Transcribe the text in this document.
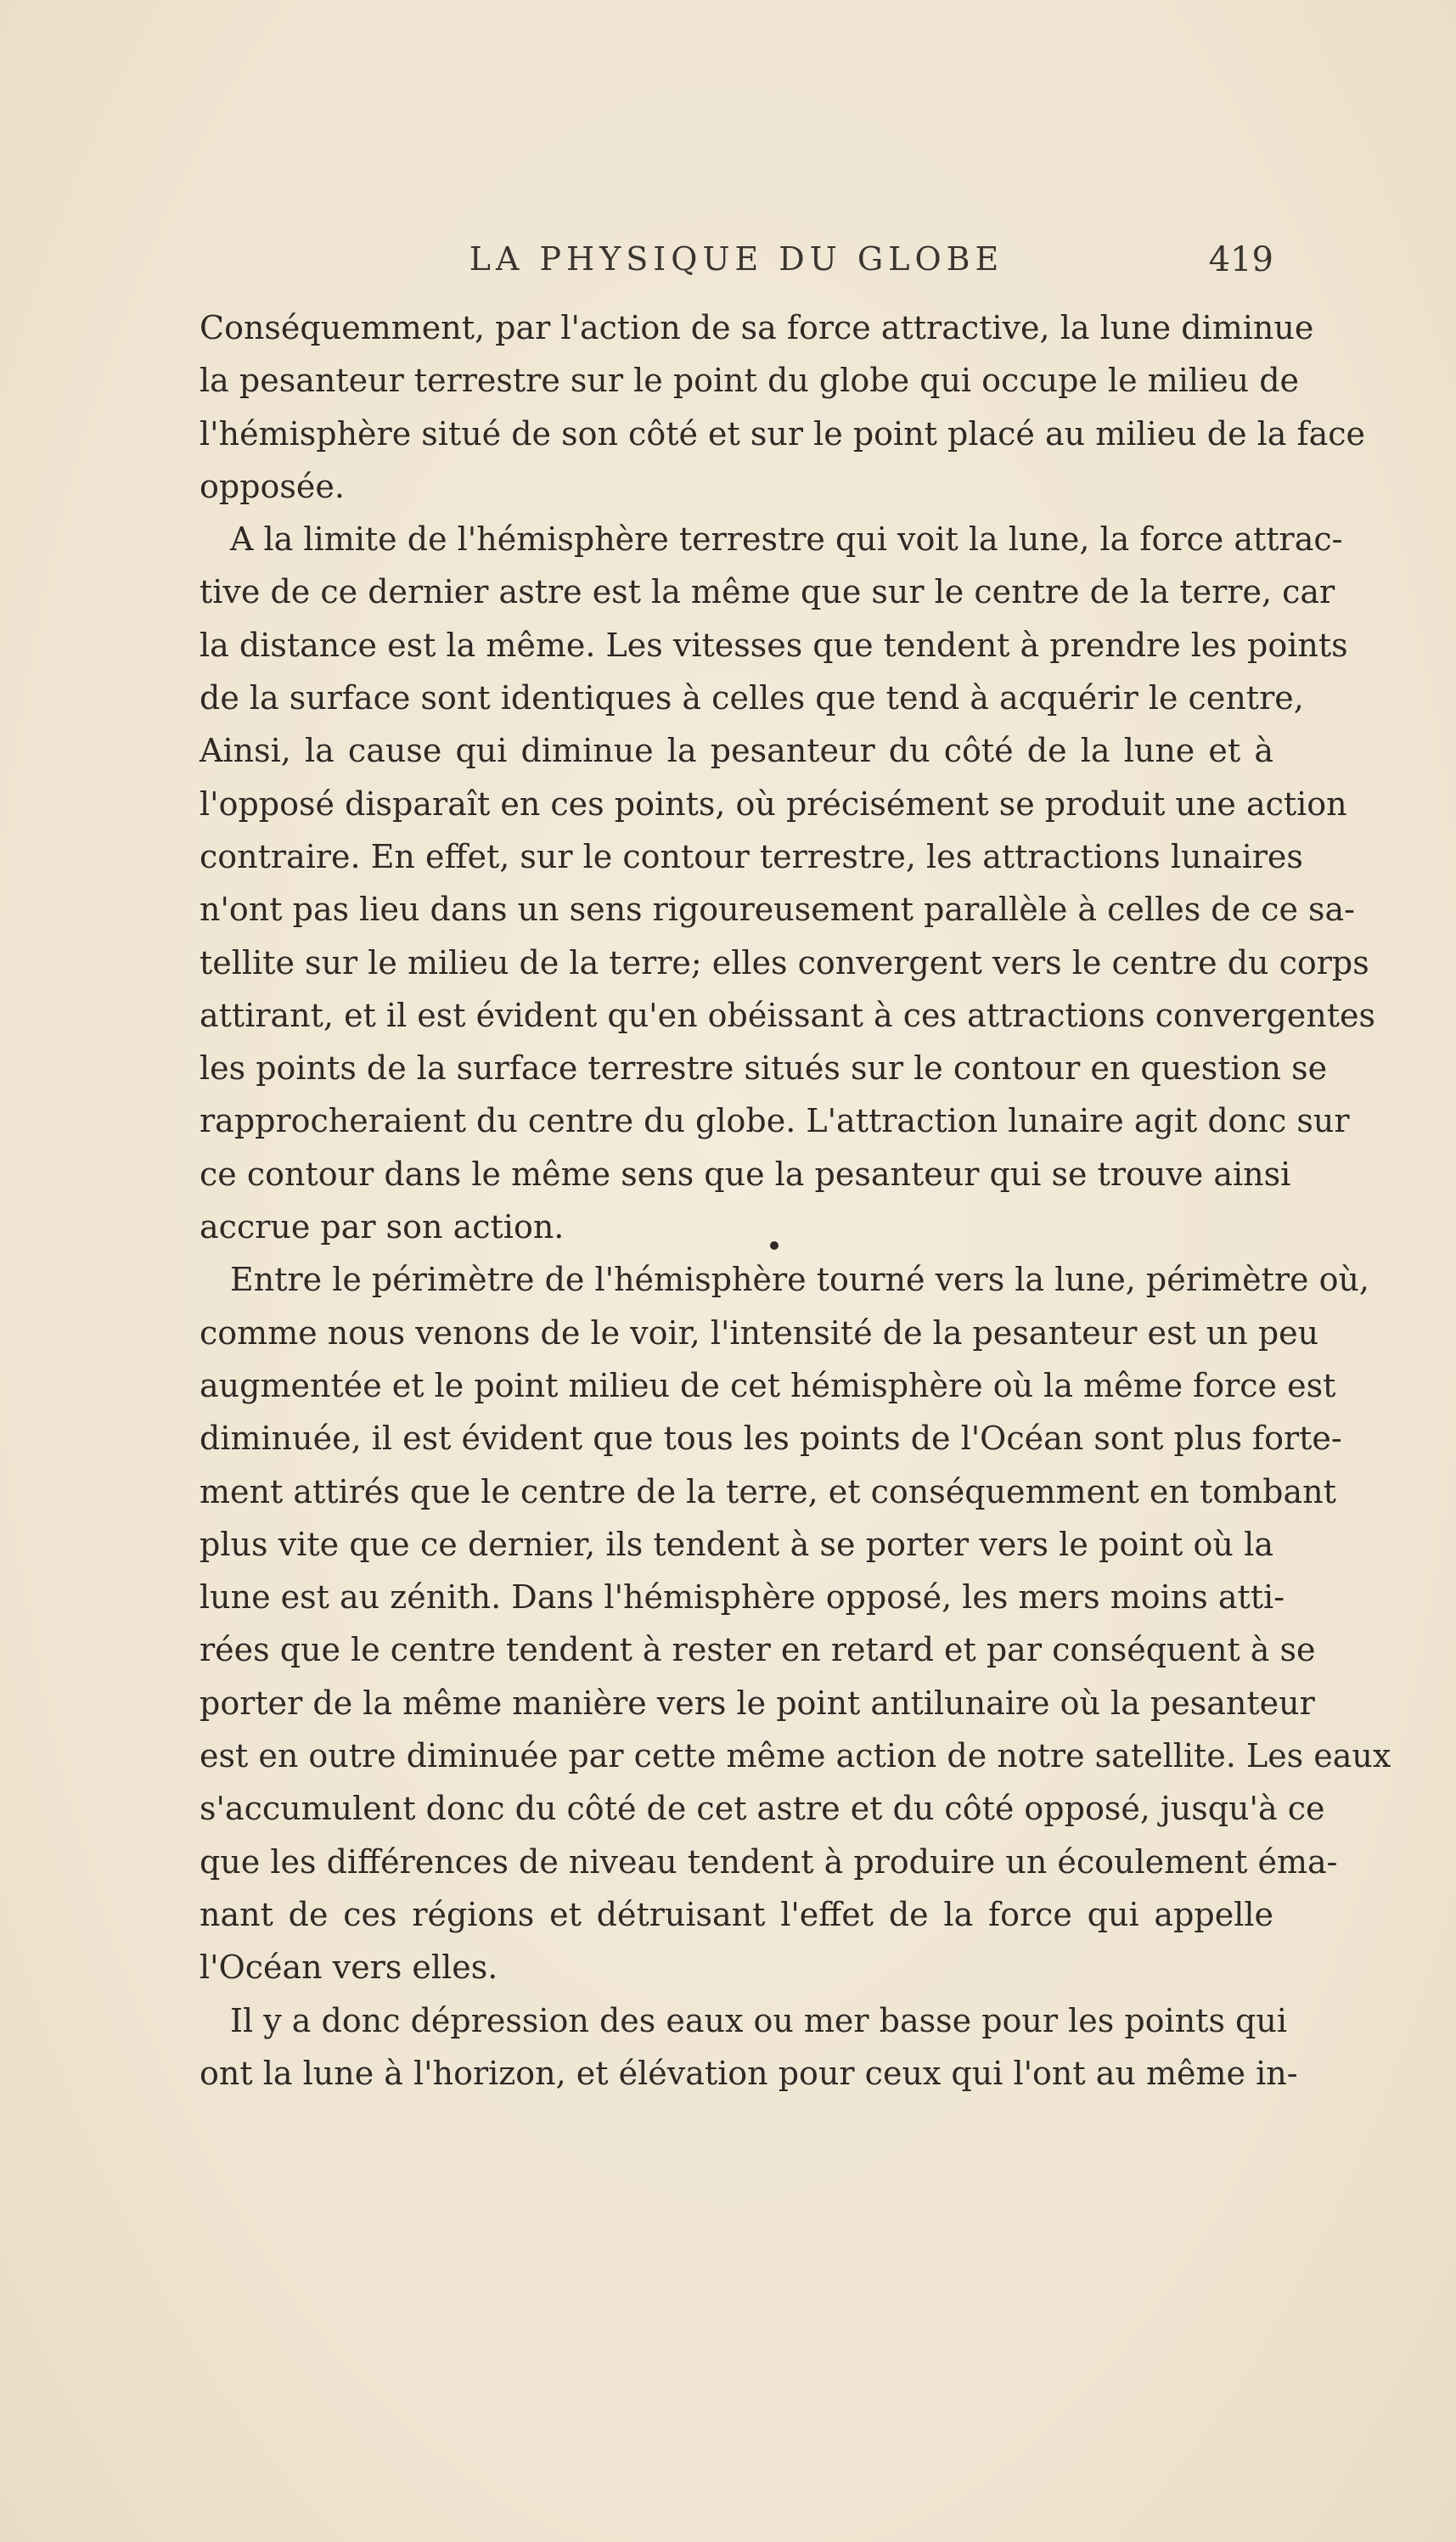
LA PHYSIQUE DU GLOBE	419
Conséquemment, par l'action de sa force attractive, la lune diminue
la pesanteur terrestre sur le point du globe qui occupe le milieu de
l'hémisphère situé de son côté et sur le point placé au milieu de la face
opposée.
A la limite de l'hémisphère terrestre qui voit la lune, la force attrac-
tive de ce dernier astre est la même que sur le centre de la terre, car
la distance est la même. Les vitesses que tendent à prendre les points
de la surface sont identiques à celles que tend à acquérir le centre,
Ainsi, la cause qui diminue la pesanteur du côté de la lune et à
l'opposé disparaît en ces points, où précisément se produit une action
contraire. En effet, sur le contour terrestre, les attractions lunaires
n'ont pas lieu dans un sens rigoureusement parallèle à celles de ce sa-
tellite sur le milieu de la terre; elles convergent vers le centre du corps
attirant, et il est évident qu'en obéissant à ces attractions convergentes
les points de la surface terrestre situés sur le contour en question se
rapprocheraient du centre du globe. L'attraction lunaire agit donc sur
ce contour dans le même sens que la pesanteur qui se trouve ainsi
accrue par son action.
Entre le périmètre de l'hémisphère tourné vers la lune, périmètre où,
comme nous venons de le voir, l'intensité de la pesanteur est un peu
augmentée et le point milieu de cet hémisphère où la même force est
diminuée, il est évident que tous les points de l'Océan sont plus forte-
ment attirés que le centre de la terre, et conséquemment en tombant
plus vite que ce dernier, ils tendent à se porter vers le point où la
lune est au zénith. Dans l'hémisphère opposé, les mers moins atti-
rées que le centre tendent à rester en retard et par conséquent à se
porter de la même manière vers le point antilunaire où la pesanteur
est en outre diminuée par cette même action de notre satellite. Les eaux
s'accumulent donc du côté de cet astre et du côté opposé, jusqu'à ce
que les différences de niveau tendent à produire un écoulement éma-
nant de ces régions et détruisant l'effet de la force qui appelle
l'Océan vers elles.
Il y a donc dépression des eaux ou mer basse pour les points qui
ont la lune à l'horizon, et élévation pour ceux qui l'ont au même in-
